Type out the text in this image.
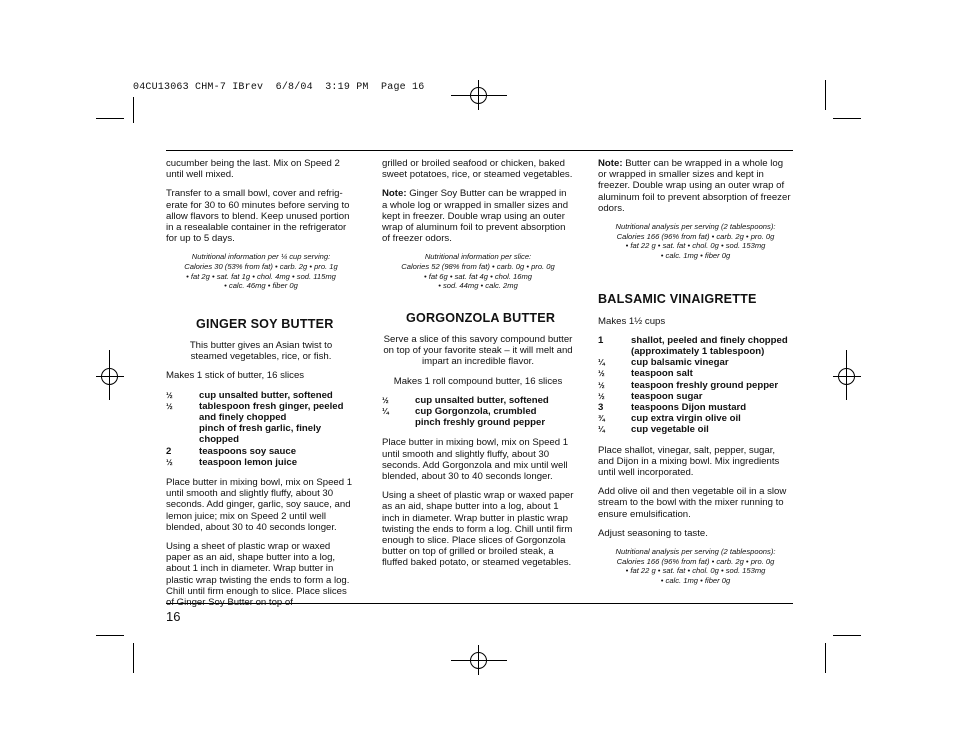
04CU13063 CHM-7 IBrev  6/8/04  3:19 PM  Page 16

cucumber being the last. Mix on Speed 2 until well mixed.

Transfer to a small bowl, cover and refrig-erate for 30 to 60 minutes before serving to allow flavors to blend. Keep unused portion in a resealable container in the refrigerator for up to 5 days.

Nutritional information per ¼ cup serving:
Calories 30 (53% from fat) • carb. 2g • pro. 1g
• fat 2g • sat. fat 1g • chol. 4mg • sod. 115mg
• calc. 46mg • fiber 0g
GINGER SOY BUTTER

This butter gives an Asian twist to steamed vegetables, rice, or fish.

Makes 1 stick of butter, 16 slices

½	cup unsalted butter, softened
½	tablespoon fresh ginger, peeled and finely chopped
pinch of fresh garlic, finely chopped
2	teaspoons soy sauce
½	teaspoon lemon juice

Place butter in mixing bowl, mix on Speed 1 until smooth and slightly fluffy, about 30 seconds. Add ginger, garlic, soy sauce, and lemon juice; mix on Speed 2 until well blended, about 30 to 40 seconds longer.

Using a sheet of plastic wrap or waxed paper as an aid, shape butter into a log, about 1 inch in diameter. Wrap butter in plastic wrap twisting the ends to form a log. Chill until firm enough to slice. Place slices of Ginger Soy Butter on top of

grilled or broiled seafood or chicken, baked sweet potatoes, rice, or steamed vegetables.

Note: Ginger Soy Butter can be wrapped in a whole log or wrapped in smaller sizes and kept in freezer. Double wrap using an outer wrap of aluminum foil to prevent absorption of freezer odors.

Nutritional information per slice:
Calories 52 (98% from fat) • carb. 0g • pro. 0g
• fat 6g • sat. fat 4g • chol. 16mg
• sod. 44mg • calc. 2mg
GORGONZOLA BUTTER

Serve a slice of this savory compound butter on top of your favorite steak – it will melt and impart an incredible flavor.

Makes 1 roll compound butter, 16 slices

½	cup unsalted butter, softened
¼	cup Gorgonzola, crumbled
pinch freshly ground pepper

Place butter in mixing bowl, mix on Speed 1 until smooth and slightly fluffy, about 30 seconds. Add Gorgonzola and mix until well blended, about 30 to 40 seconds longer.

Using a sheet of plastic wrap or waxed paper as an aid, shape butter into a log, about 1 inch in diameter. Wrap butter in plastic wrap twisting the ends to form a log. Chill until firm enough to slice. Place slices of Gorgonzola butter on top of grilled or broiled steak, a fluffed baked potato, or steamed vegetables.

Note: Butter can be wrapped in a whole log or wrapped in smaller sizes and kept in freezer. Double wrap using an outer wrap of aluminum foil to prevent absorption of freezer odors.

Nutritional analysis per serving (2 tablespoons):
Calories 166 (96% from fat) • carb. 2g • pro. 0g
• fat 22 g • sat. fat • chol. 0g • sod. 153mg
• calc. 1mg • fiber 0g
BALSAMIC VINAIGRETTE

Makes 1½ cups

1	shallot, peeled and finely chopped (approximately 1 tablespoon)
¼	cup balsamic vinegar
½	teaspoon salt
½	teaspoon freshly ground pepper
½	teaspoon sugar
3	teaspoons Dijon mustard
¾	cup extra virgin olive oil
¼	cup vegetable oil

Place shallot, vinegar, salt, pepper, sugar, and Dijon in a mixing bowl. Mix ingredients until well incorporated.

Add olive oil and then vegetable oil in a slow stream to the bowl with the mixer running to ensure emulsification.

Adjust seasoning to taste.

Nutritional analysis per serving (2 tablespoons):
Calories 166 (96% from fat) • carb. 2g • pro. 0g
• fat 22 g • sat. fat • chol. 0g • sod. 153mg
• calc. 1mg • fiber 0g
16
